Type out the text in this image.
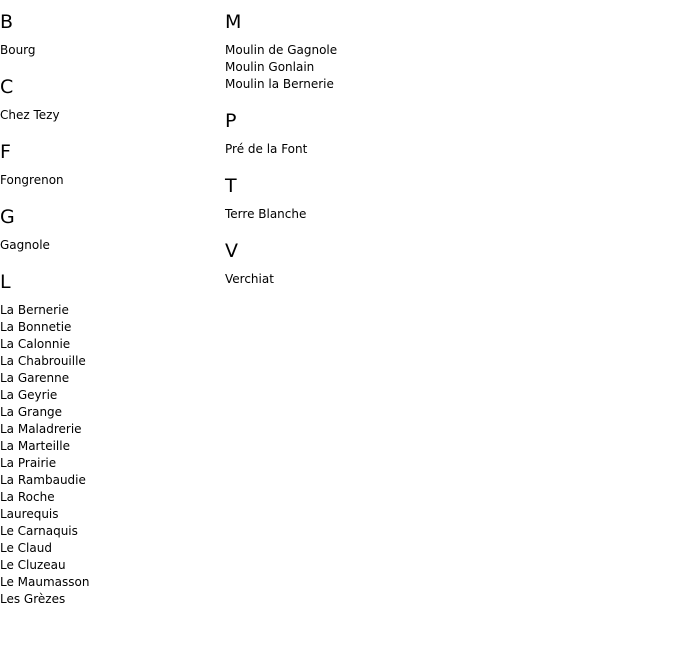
B
Bourg
C
Chez Tezy
F
Fongrenon
G
Gagnole
L
La Bernerie
La Bonnetie
La Calonnie
La Chabrouille
La Garenne
La Geyrie
La Grange
La Maladrerie
La Marteille
La Prairie
La Rambaudie
La Roche
Laurequis
Le Carnaquis
Le Claud
Le Cluzeau
Le Maumasson
Les Grèzes
M
Moulin de Gagnole
Moulin Gonlain
Moulin la Bernerie
P
Pré de la Font
T
Terre Blanche
V
Verchiat
